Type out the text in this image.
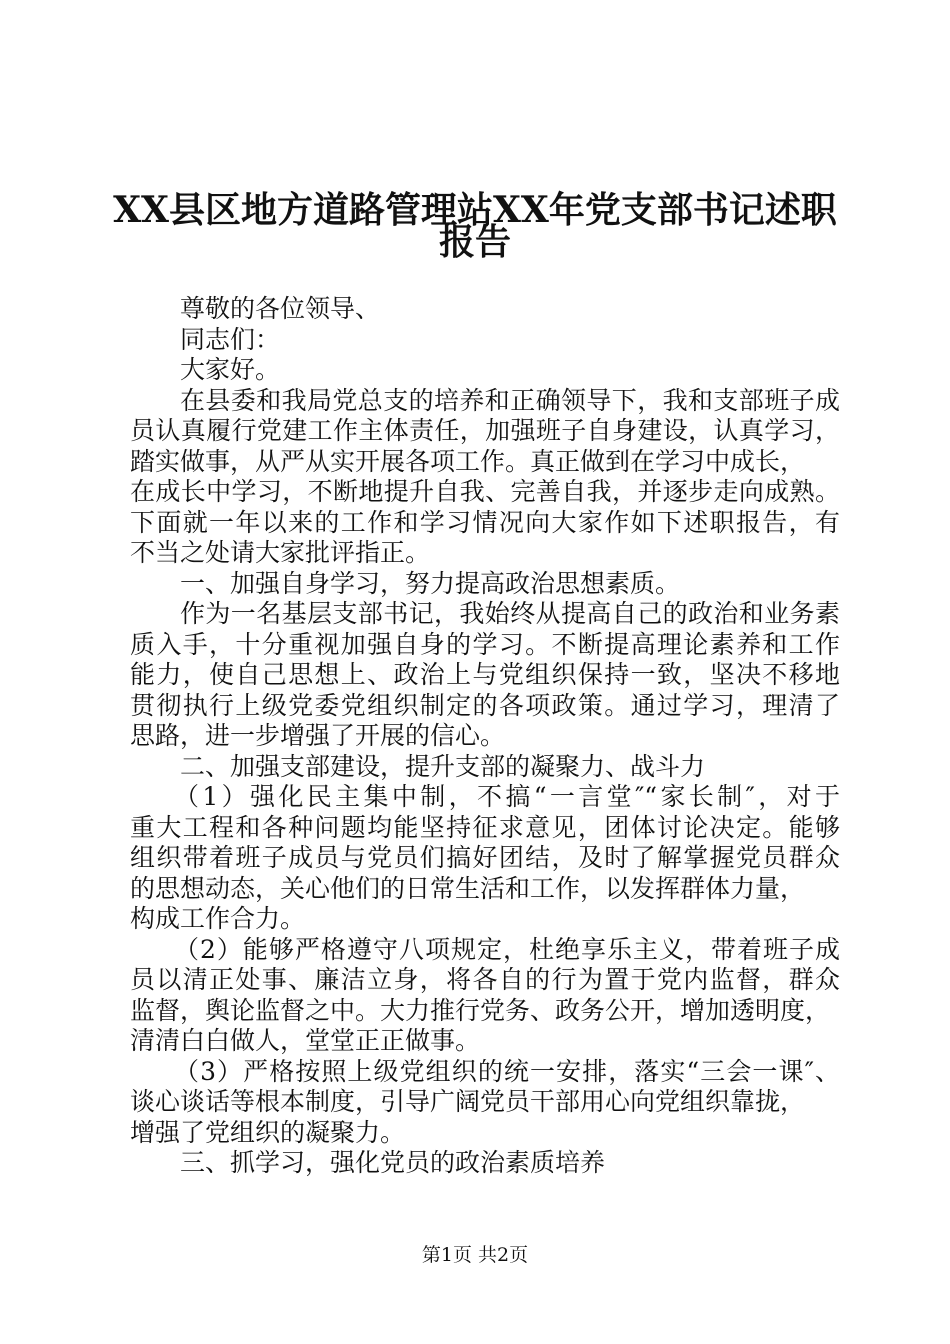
XX县区地方道路管理站XX年党支部书记述职
报告
尊敬的各位领导、
同志们：
大家好。
在县委和我局党总支的培养和正确领导下，我和支部班子成
员认真履行党建工作主体责任，加强班子自身建设，认真学习，
踏实做事，从严从实开展各项工作。真正做到在学习中成长，
在成长中学习，不断地提升自我、完善自我，并逐步走向成熟。
下面就一年以来的工作和学习情况向大家作如下述职报告，有
不当之处请大家批评指正。
一、加强自身学习，努力提高政治思想素质。
作为一名基层支部书记，我始终从提高自己的政治和业务素
质入手，十分重视加强自身的学习。不断提高理论素养和工作
能力，使自己思想上、政治上与党组织保持一致，坚决不移地
贯彻执行上级党委党组织制定的各项政策。通过学习，理清了
思路，进一步增强了开展的信心。
二、加强支部建设，提升支部的凝聚力、战斗力
（1）强化民主集中制，不搞“一言堂″“家长制″，对于
重大工程和各种问题均能坚持征求意见，团体讨论决定。能够
组织带着班子成员与党员们搞好团结，及时了解掌握党员群众
的思想动态，关心他们的日常生活和工作，以发挥群体力量，
构成工作合力。
（2）能够严格遵守八项规定，杜绝享乐主义，带着班子成
员以清正处事、廉洁立身，将各自的行为置于党内监督，群众
监督，舆论监督之中。大力推行党务、政务公开，增加透明度，
清清白白做人，堂堂正正做事。
（3）严格按照上级党组织的统一安排，落实“三会一课″、
谈心谈话等根本制度，引导广阔党员干部用心向党组织靠拢，
增强了党组织的凝聚力。
三、抓学习，强化党员的政治素质培养
第1页 共2页
